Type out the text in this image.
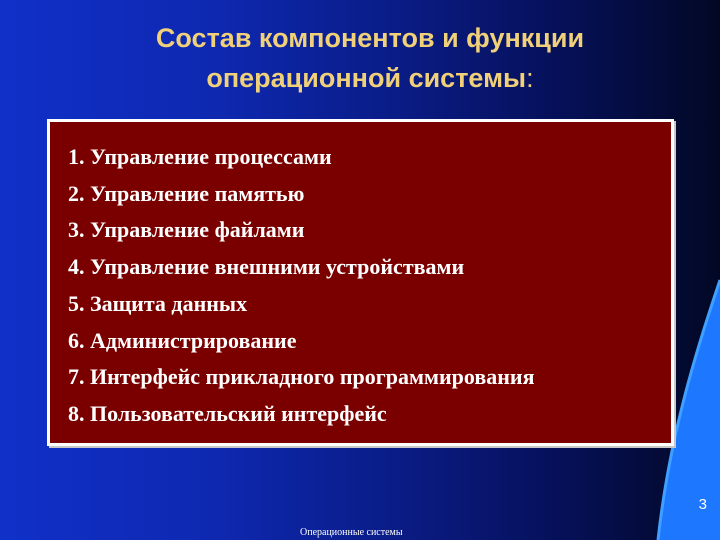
Состав компонентов и функции
операционной системы:
1. Управление процессами
2. Управление памятью
3. Управление файлами
4. Управление внешними устройствами
5. Защита данных
6. Администрирование
7. Интерфейс прикладного программирования
8. Пользовательский интерфейс
3
Операционные системы
